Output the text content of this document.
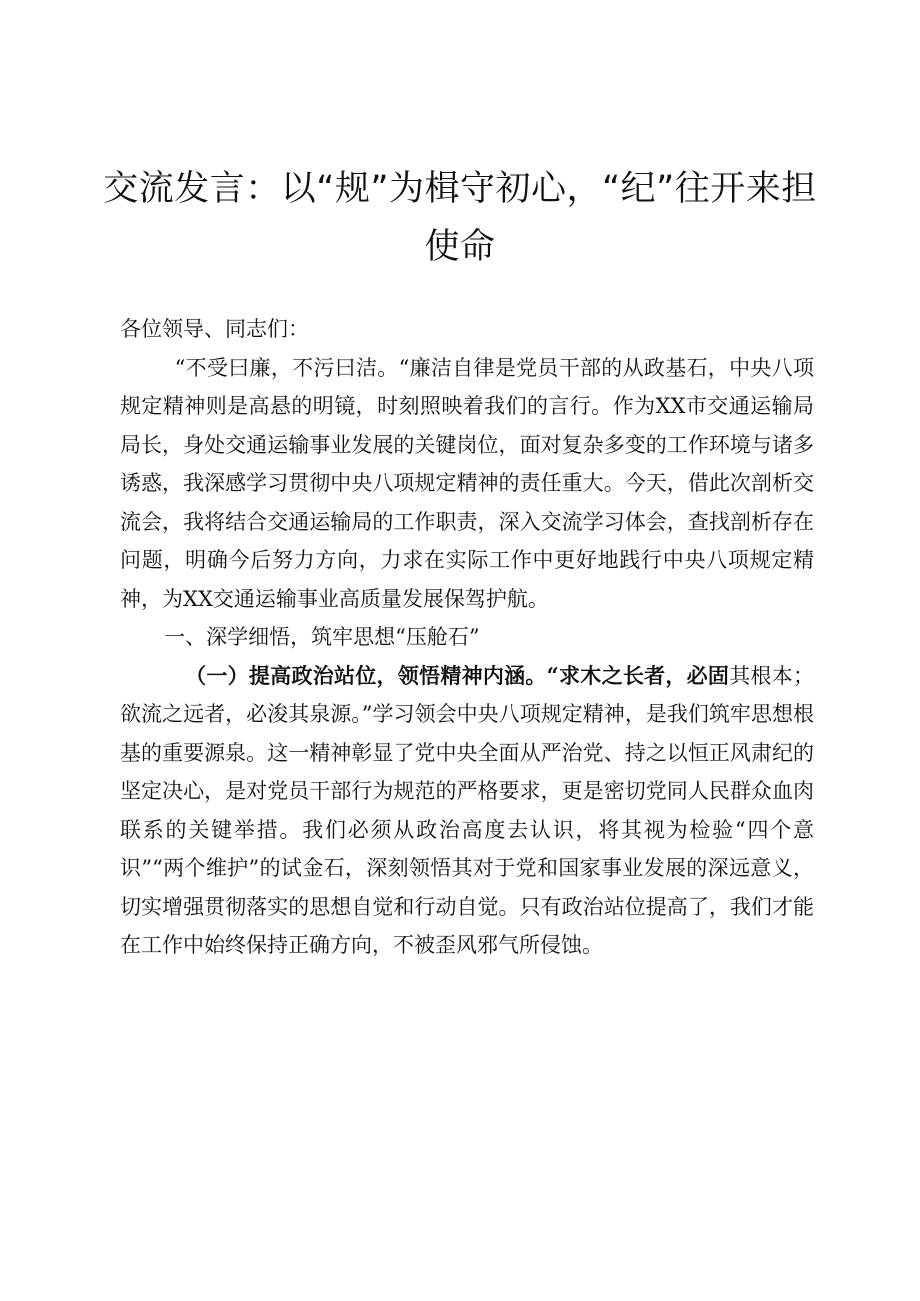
交流发言：以“规”为楫守初心，“纪”往开来担
使命

各位领导、同志们：

“不受曰廉，不污曰洁。“廉洁自律是党员干部的从政基石，中央八项规定精神则是高悬的明镜，时刻照映着我们的言行。作为XX市交通运输局局长，身处交通运输事业发展的关键岗位，面对复杂多变的工作环境与诸多诱惑，我深感学习贯彻中央八项规定精神的责任重大。今天，借此次剖析交流会，我将结合交通运输局的工作职责，深入交流学习体会，查找剖析存在问题，明确今后努力方向，力求在实际工作中更好地践行中央八项规定精神，为XX交通运输事业高质量发展保驾护航。

一、深学细悟，筑牢思想“压舱石”

（一）提高政治站位，领悟精神内涵。“求木之长者，必固其根本；欲流之远者，必浚其泉源。”学习领会中央八项规定精神，是我们筑牢思想根基的重要源泉。这一精神彰显了党中央全面从严治党、持之以恒正风肃纪的坚定决心，是对党员干部行为规范的严格要求，更是密切党同人民群众血肉联系的关键举措。我们必须从政治高度去认识，将其视为检验“四个意识”“两个维护”的试金石，深刻领悟其对于党和国家事业发展的深远意义，切实增强贯彻落实的思想自觉和行动自觉。只有政治站位提高了，我们才能在工作中始终保持正确方向，不被歪风邪气所侵蚀。
